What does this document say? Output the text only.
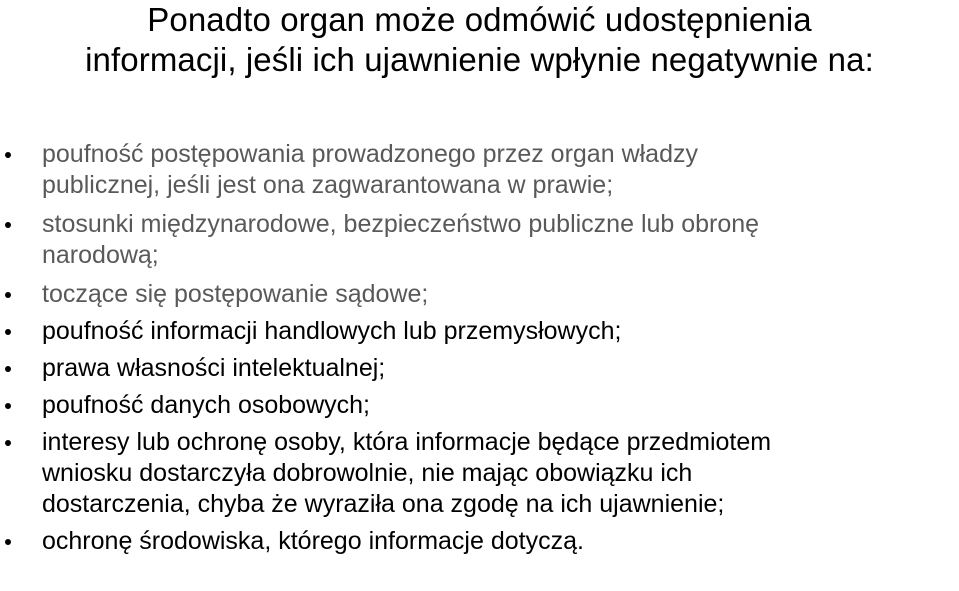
Ponadto organ może odmówić udostępnienia
informacji, jeśli ich ujawnienie wpłynie negatywnie na:
poufność postępowania prowadzonego przez organ władzy
publicznej, jeśli jest ona zagwarantowana w prawie;
stosunki międzynarodowe, bezpieczeństwo publiczne lub obronę
narodową;
toczące się postępowanie sądowe;
poufność informacji handlowych lub przemysłowych;
prawa własności intelektualnej;
poufność danych osobowych;
interesy lub ochronę osoby, która informacje będące przedmiotem
wniosku dostarczyła dobrowolnie, nie mając obowiązku ich
dostarczenia, chyba że wyraziła ona zgodę na ich ujawnienie;
ochronę środowiska, którego informacje dotyczą.
